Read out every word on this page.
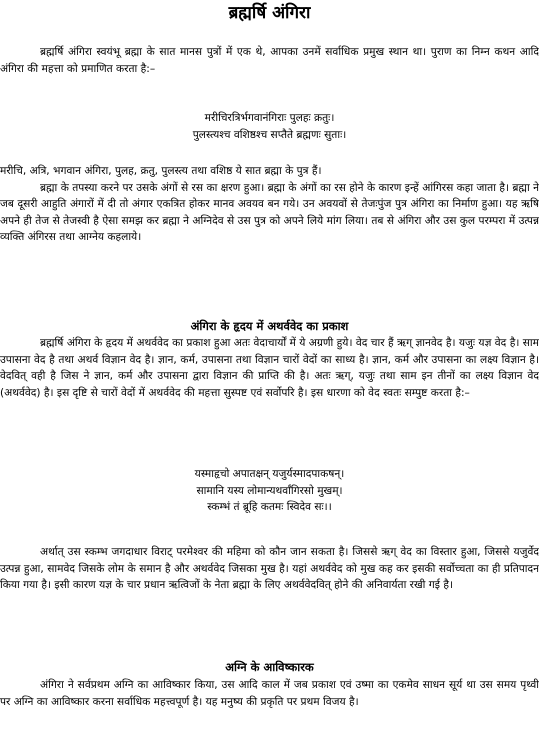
ब्रह्मर्षि अंगिरा

ब्रह्मर्षि अंगिरा स्वयंभू ब्रह्मा के सात मानस पुत्रों में एक थे, आपका उनमें सर्वाधिक प्रमुख स्थान था। पुराण का निम्न कथन आदि अंगिरा की महत्ता को प्रमाणित करता है:–

मरीचिरत्रिर्भगवानंगिराः पुलहः क्रतुः।
पुलस्त्यश्च वशिष्ठश्च सप्तैते ब्रह्मणः सुताः।

मरीचि, अत्रि, भगवान अंगिरा, पुलह, क्रतु, पुलस्त्य तथा वशिष्ठ ये सात ब्रह्मा के पुत्र हैं।

ब्रह्मा के तपस्या करने पर उसके अंगों से रस का क्षरण हुआ। ब्रह्मा के अंगों का रस होने के कारण इन्हें आंगिरस कहा जाता है। ब्रह्मा ने जब दूसरी आहुति अंगारों में दी तो अंगार एकत्रित होकर मानव अवयव बन गये। उन अवयवों से तेजःपुंज पुत्र अंगिरा का निर्माण हुआ। यह ऋषि अपने ही तेज से तेजस्वी है ऐसा समझ कर ब्रह्मा ने अग्निदेव से उस पुत्र को अपने लिये मांग लिया। तब से अंगिरा और उस कुल परम्परा में उत्पन्न व्यक्ति अंगिरस तथा आग्नेय कहलाये।

अंगिरा के हृदय में अथर्ववेद का प्रकाश

ब्रह्मर्षि अंगिरा के हृदय में अथर्ववेद का प्रकाश हुआ अतः वेदाचार्यों में ये अग्रणी हुये। वेद चार हैं ऋग् ज्ञानवेद है। यजुः यज्ञ वेद है। साम उपासना वेद है तथा अथर्व विज्ञान वेद है। ज्ञान, कर्म, उपासना तथा विज्ञान चारों वेदों का साध्य है। ज्ञान, कर्म और उपासना का लक्ष्य विज्ञान है। वेदवित् वही है जिस ने ज्ञान, कर्म और उपासना द्वारा विज्ञान की प्राप्ति की है। अतः ऋग्, यजुः तथा साम इन तीनों का लक्ष्य विज्ञान वेद (अथर्ववेद) है। इस दृष्टि से चारों वेदों में अथर्ववेद की महत्ता सुस्पष्ट एवं सर्वोपरि है। इस धारणा को वेद स्वतः सम्पुष्ट करता है:–

यस्माहृचो अपातक्षन् यजुर्यस्मादपाकषन्।
सामानि यस्य लोमान्यथर्वांगिरसो मुखम्।
स्कम्भं तं ब्रूहि कतमः स्विदेव सः।।

अर्थात् उस स्कम्भ जगदाधार विराट् परमेश्वर की महिमा को कौन जान सकता है। जिससे ऋग् वेद का विस्तार हुआ, जिससे यजुर्वेद उत्पन्न हुआ, सामवेद जिसके लोम के समान है और अथर्ववेद जिसका मुख है। यहां अथर्ववेद को मुख कह कर इसकी सर्वोच्चता का ही प्रतिपादन किया गया है। इसी कारण यज्ञ के चार प्रधान ऋत्विजों के नेता ब्रह्मा के लिए अथर्ववेदवित् होने की अनिवार्यता रखी गई है।

अग्नि के आविष्कारक

अंगिरा ने सर्वप्रथम अग्नि का आविष्कार किया, उस आदि काल में जब प्रकाश एवं उष्मा का एकमेव साधन सूर्य था उस समय पृथ्वी पर अग्नि का आविष्कार करना सर्वाधिक महत्त्वपूर्ण है। यह मनुष्य की प्रकृति पर प्रथम विजय है।
